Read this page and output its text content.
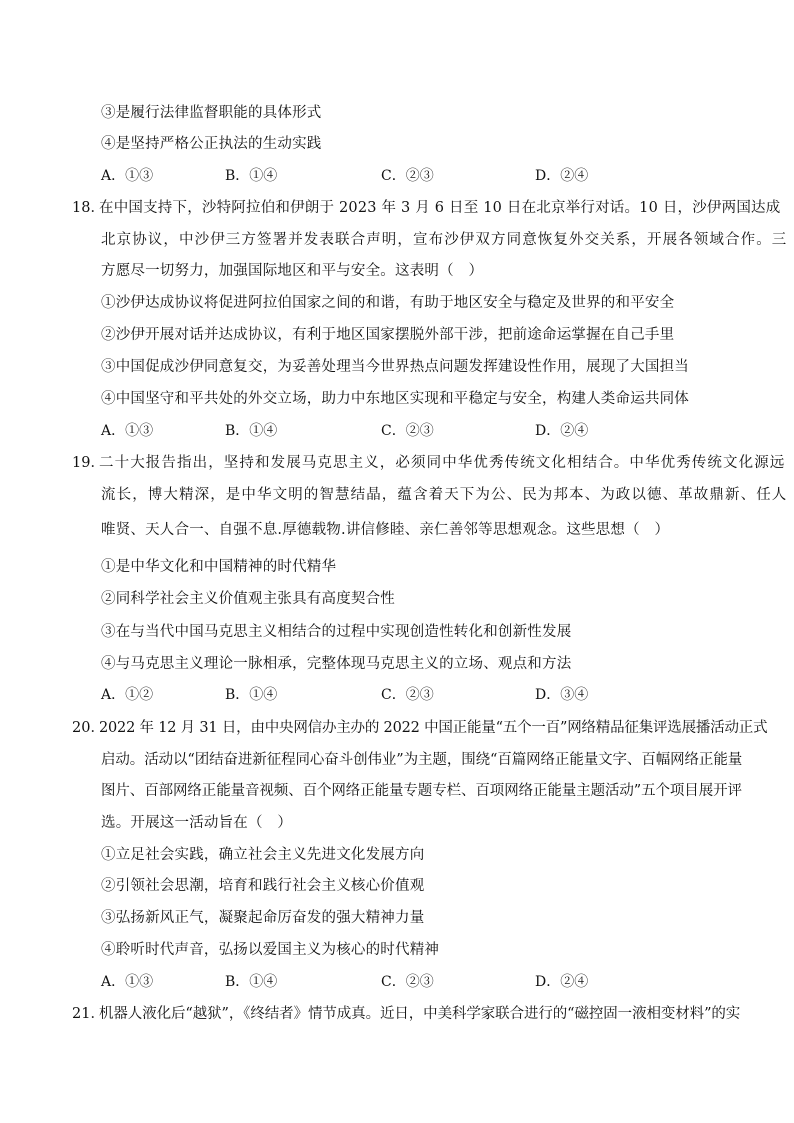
③是履行法律监督职能的具体形式
④是坚持严格公正执法的生动实践
A．①③	B．①④	C．②③	D．②④
18．
在中国支持下，沙特阿拉伯和伊朗于 2023 年 3 月 6 日至 10 日在北京举行对话。10 日，沙伊两国达成
北京协议，中沙伊三方签署并发表联合声明，宣布沙伊双方同意恢复外交关系，开展各领域合作。三
方愿尽一切努力，加强国际地区和平与安全。这表明（　）
①沙伊达成协议将促进阿拉伯国家之间的和谐，有助于地区安全与稳定及世界的和平安全
②沙伊开展对话并达成协议，有利于地区国家摆脱外部干涉，把前途命运掌握在自己手里
③中国促成沙伊同意复交，为妥善处理当今世界热点问题发挥建设性作用，展现了大国担当
④中国坚守和平共处的外交立场，助力中东地区实现和平稳定与安全，构建人类命运共同体
A．①③	B．①④	C．②③	D．②④
19．
二十大报告指出，坚持和发展马克思主义，必须同中华优秀传统文化相结合。中华优秀传统文化源远
流长，博大精深，是中华文明的智慧结晶，蕴含着天下为公、民为邦本、为政以德、革故鼎新、任人
唯贤、天人合一、自强不息.厚德载物.讲信修睦、亲仁善邻等思想观念。这些思想（　）
①是中华文化和中国精神的时代精华
②同科学社会主义价值观主张具有高度契合性
③在与当代中国马克思主义相结合的过程中实现创造性转化和创新性发展
④与马克思主义理论一脉相承，完整体现马克思主义的立场、观点和方法
A．①②	B．①④	C．②③	D．③④
20．
2022 年 12 月 31 日，由中央网信办主办的 2022 中国正能量“五个一百”网络精品征集评选展播活动正式
启动。活动以“团结奋进新征程同心奋斗创伟业”为主题，围绕“百篇网络正能量文字、百幅网络正能量
图片、百部网络正能量音视频、百个网络正能量专题专栏、百项网络正能量主题活动”五个项目展开评
选。开展这一活动旨在（　）
①立足社会实践，确立社会主义先进文化发展方向
②引领社会思潮，培育和践行社会主义核心价值观
③弘扬新风正气，凝聚起命厉奋发的强大精神力量
④聆听时代声音，弘扬以爱国主义为核心的时代精神
A．①③	B．①④	C．②③	D．②④
21．
机器人液化后“越狱”，《终结者》情节成真。近日，中美科学家联合进行的“磁控固一液相变材料”的实
